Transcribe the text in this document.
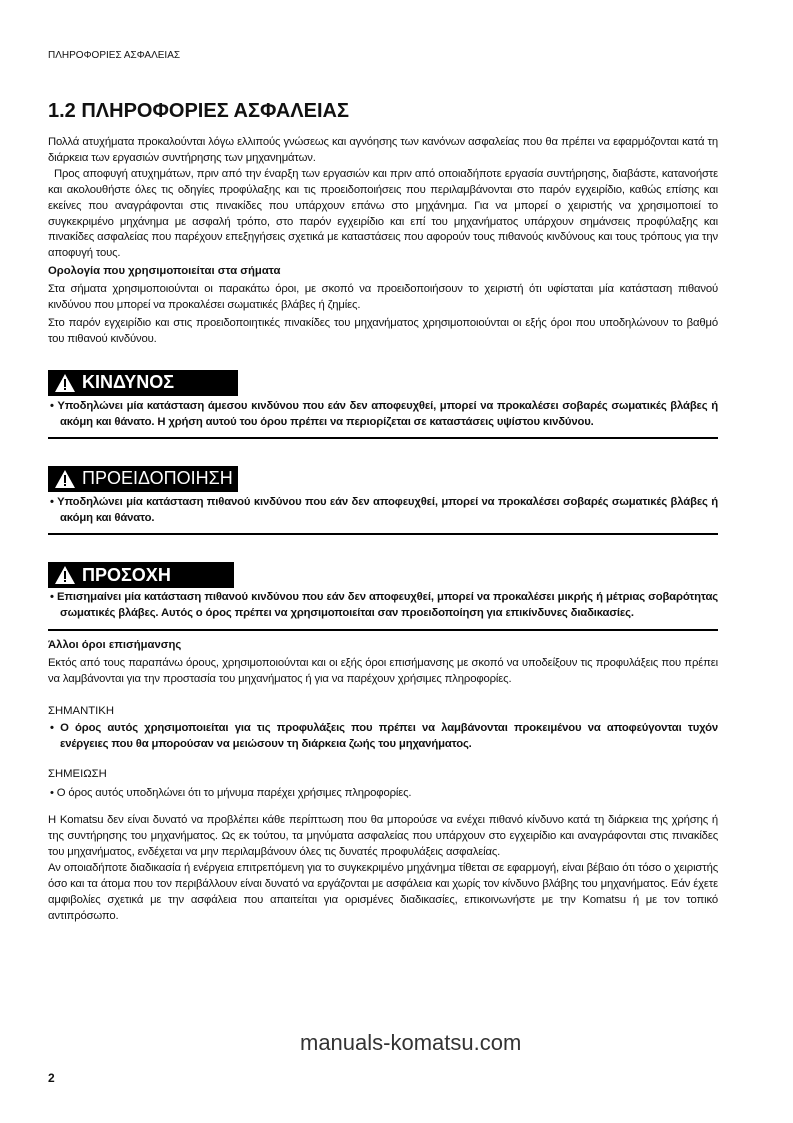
ΠΛΗΡΟΦΟΡΙΕΣ ΑΣΦΑΛΕΙΑΣ
1.2 ΠΛΗΡΟΦΟΡΙΕΣ ΑΣΦΑΛΕΙΑΣ

Πολλά ατυχήματα προκαλούνται λόγω ελλιπούς γνώσεως και αγνόησης των κανόνων ασφαλείας που θα πρέπει να εφαρμόζονται κατά τη διάρκεια των εργασιών συντήρησης των μηχανημάτων.

Προς αποφυγή ατυχημάτων, πριν από την έναρξη των εργασιών και πριν από οποιαδήποτε εργασία συντήρησης, διαβάστε, κατανοήστε και ακολουθήστε όλες τις οδηγίες προφύλαξης και τις προειδοποιήσεις που περιλαμβάνονται στο παρόν εγχειρίδιο, καθώς επίσης και εκείνες που αναγράφονται στις πινακίδες που υπάρχουν επάνω στο μηχάνημα. Για να μπορεί ο χειριστής να χρησιμοποιεί το συγκεκριμένο μηχάνημα με ασφαλή τρόπο, στο παρόν εγχειρίδιο και επί του μηχανήματος υπάρχουν σημάνσεις προφύλαξης και πινακίδες ασφαλείας που παρέχουν επεξηγήσεις σχετικά με καταστάσεις που αφορούν τους πιθανούς κινδύνους και τους τρόπους για την αποφυγή τους.

Ορολογία που χρησιμοποιείται στα σήματα

Στα σήματα χρησιμοποιούνται οι παρακάτω όροι, με σκοπό να προειδοποιήσουν το χειριστή ότι υφίσταται μία κατάσταση πιθανού κινδύνου που μπορεί να προκαλέσει σωματικές βλάβες ή ζημίες.

Στο παρόν εγχειρίδιο και στις προειδοποιητικές πινακίδες του μηχανήματος χρησιμοποιούνται οι εξής όροι που υποδηλώνουν το βαθμό του πιθανού κινδύνου.

ΚΙΝΔΥΝΟΣ

• Υποδηλώνει μία κατάσταση άμεσου κινδύνου που εάν δεν αποφευχθεί, μπορεί να προκαλέσει σοβαρές σωματικές βλάβες ή ακόμη και θάνατο. Η χρήση αυτού του όρου πρέπει να περιορίζεται σε καταστάσεις υψίστου κινδύνου.

ΠΡΟΕΙΔΟΠΟΙΗΣΗ

• Υποδηλώνει μία κατάσταση πιθανού κινδύνου που εάν δεν αποφευχθεί, μπορεί να προκαλέσει σοβαρές σωματικές βλάβες ή ακόμη και θάνατο.

ΠΡΟΣΟΧΗ

• Επισημαίνει μία κατάσταση πιθανού κινδύνου που εάν δεν αποφευχθεί, μπορεί να προκαλέσει μικρής ή μέτριας σοβαρότητας σωματικές βλάβες. Αυτός ο όρος πρέπει να χρησιμοποιείται σαν προειδοποίηση για επικίνδυνες διαδικασίες.

Άλλοι όροι επισήμανσης

Εκτός από τους παραπάνω όρους, χρησιμοποιούνται και οι εξής όροι επισήμανσης με σκοπό να υποδείξουν τις προφυλάξεις που πρέπει να λαμβάνονται για την προστασία του μηχανήματος ή για να παρέχουν χρήσιμες πληροφορίες.

ΣΗΜΑΝΤΙΚΗ

• Ο όρος αυτός χρησιμοποιείται για τις προφυλάξεις που πρέπει να λαμβάνονται προκειμένου να αποφεύγονται τυχόν ενέργειες που θα μπορούσαν να μειώσουν τη διάρκεια ζωής του μηχανήματος.

ΣΗΜΕΙΩΣΗ

• Ο όρος αυτός υποδηλώνει ότι το μήνυμα παρέχει χρήσιμες πληροφορίες.

Η Komatsu δεν είναι δυνατό να προβλέπει κάθε περίπτωση που θα μπορούσε να ενέχει πιθανό κίνδυνο κατά τη διάρκεια της χρήσης ή της συντήρησης του μηχανήματος. Ως εκ τούτου, τα μηνύματα ασφαλείας που υπάρχουν στο εγχειρίδιο και αναγράφονται στις πινακίδες του μηχανήματος, ενδέχεται να μην περιλαμβάνουν όλες τις δυνατές προφυλάξεις ασφαλείας.

Αν οποιαδήποτε διαδικασία ή ενέργεια επιτρεπόμενη για το συγκεκριμένο μηχάνημα τίθεται σε εφαρμογή, είναι βέβαιο ότι τόσο ο χειριστής όσο και τα άτομα που τον περιβάλλουν είναι δυνατό να εργάζονται με ασφάλεια και χωρίς τον κίνδυνο βλάβης του μηχανήματος. Εάν έχετε αμφιβολίες σχετικά με την ασφάλεια που απαιτείται για ορισμένες διαδικασίες, επικοινωνήστε με την Komatsu ή με τον τοπικό αντιπρόσωπο.

manuals-komatsu.com
2
